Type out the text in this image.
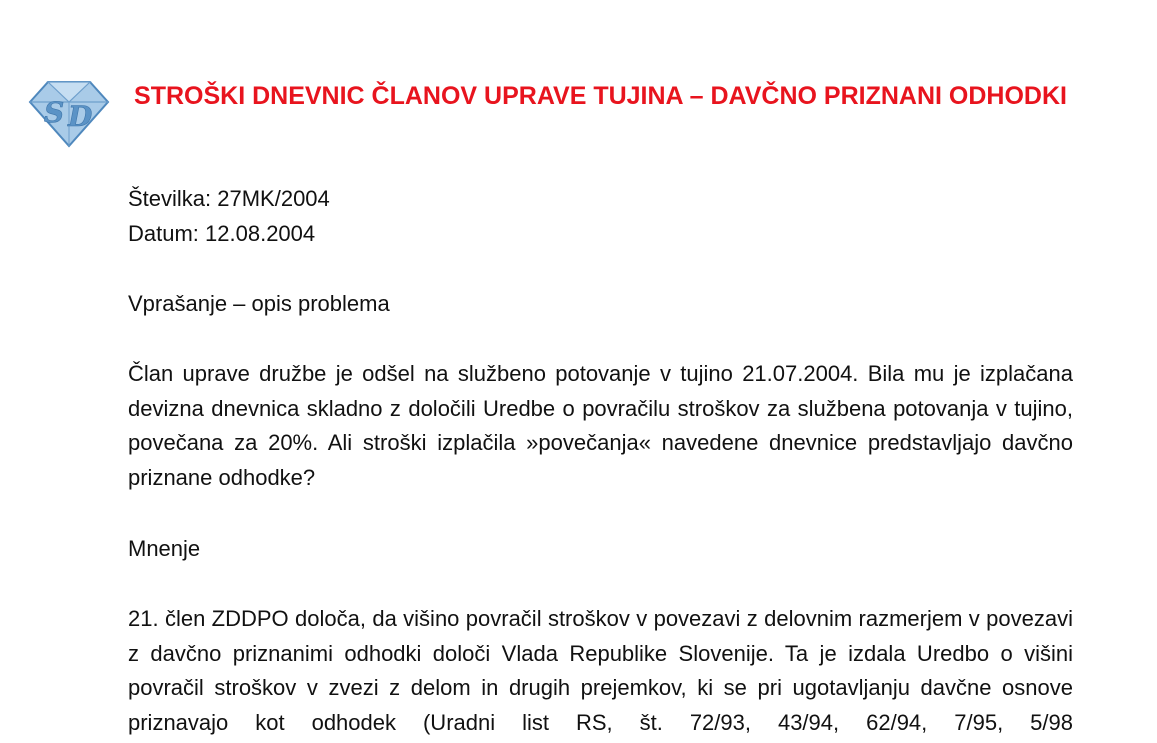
S D
STROŠKI DNEVNIC ČLANOV UPRAVE TUJINA – DAVČNO PRIZNANI ODHODKI

Številka: 27MK/2004

Datum: 12.08.2004

Vprašanje – opis problema

Član uprave družbe je odšel na službeno potovanje v tujino 21.07.2004. Bila mu je izplačana devizna dnevnica skladno z določili Uredbe o povračilu stroškov za službena potovanja v tujino, povečana za 20%. Ali stroški izplačila »povečanja« navedene dnevnice predstavljajo davčno priznane odhodke?

Mnenje

21. člen ZDDPO določa, da višino povračil stroškov v povezavi z delovnim razmerjem v povezavi z davčno priznanimi odhodki določi Vlada Republike Slovenije. Ta je izdala Uredbo o višini povračil stroškov v zvezi z delom in drugih prejemkov, ki se pri ugotavljanju davčne osnove priznavajo kot odhodek (Uradni list RS, št. 72/93, 43/94, 62/94, 7/95, 5/98
